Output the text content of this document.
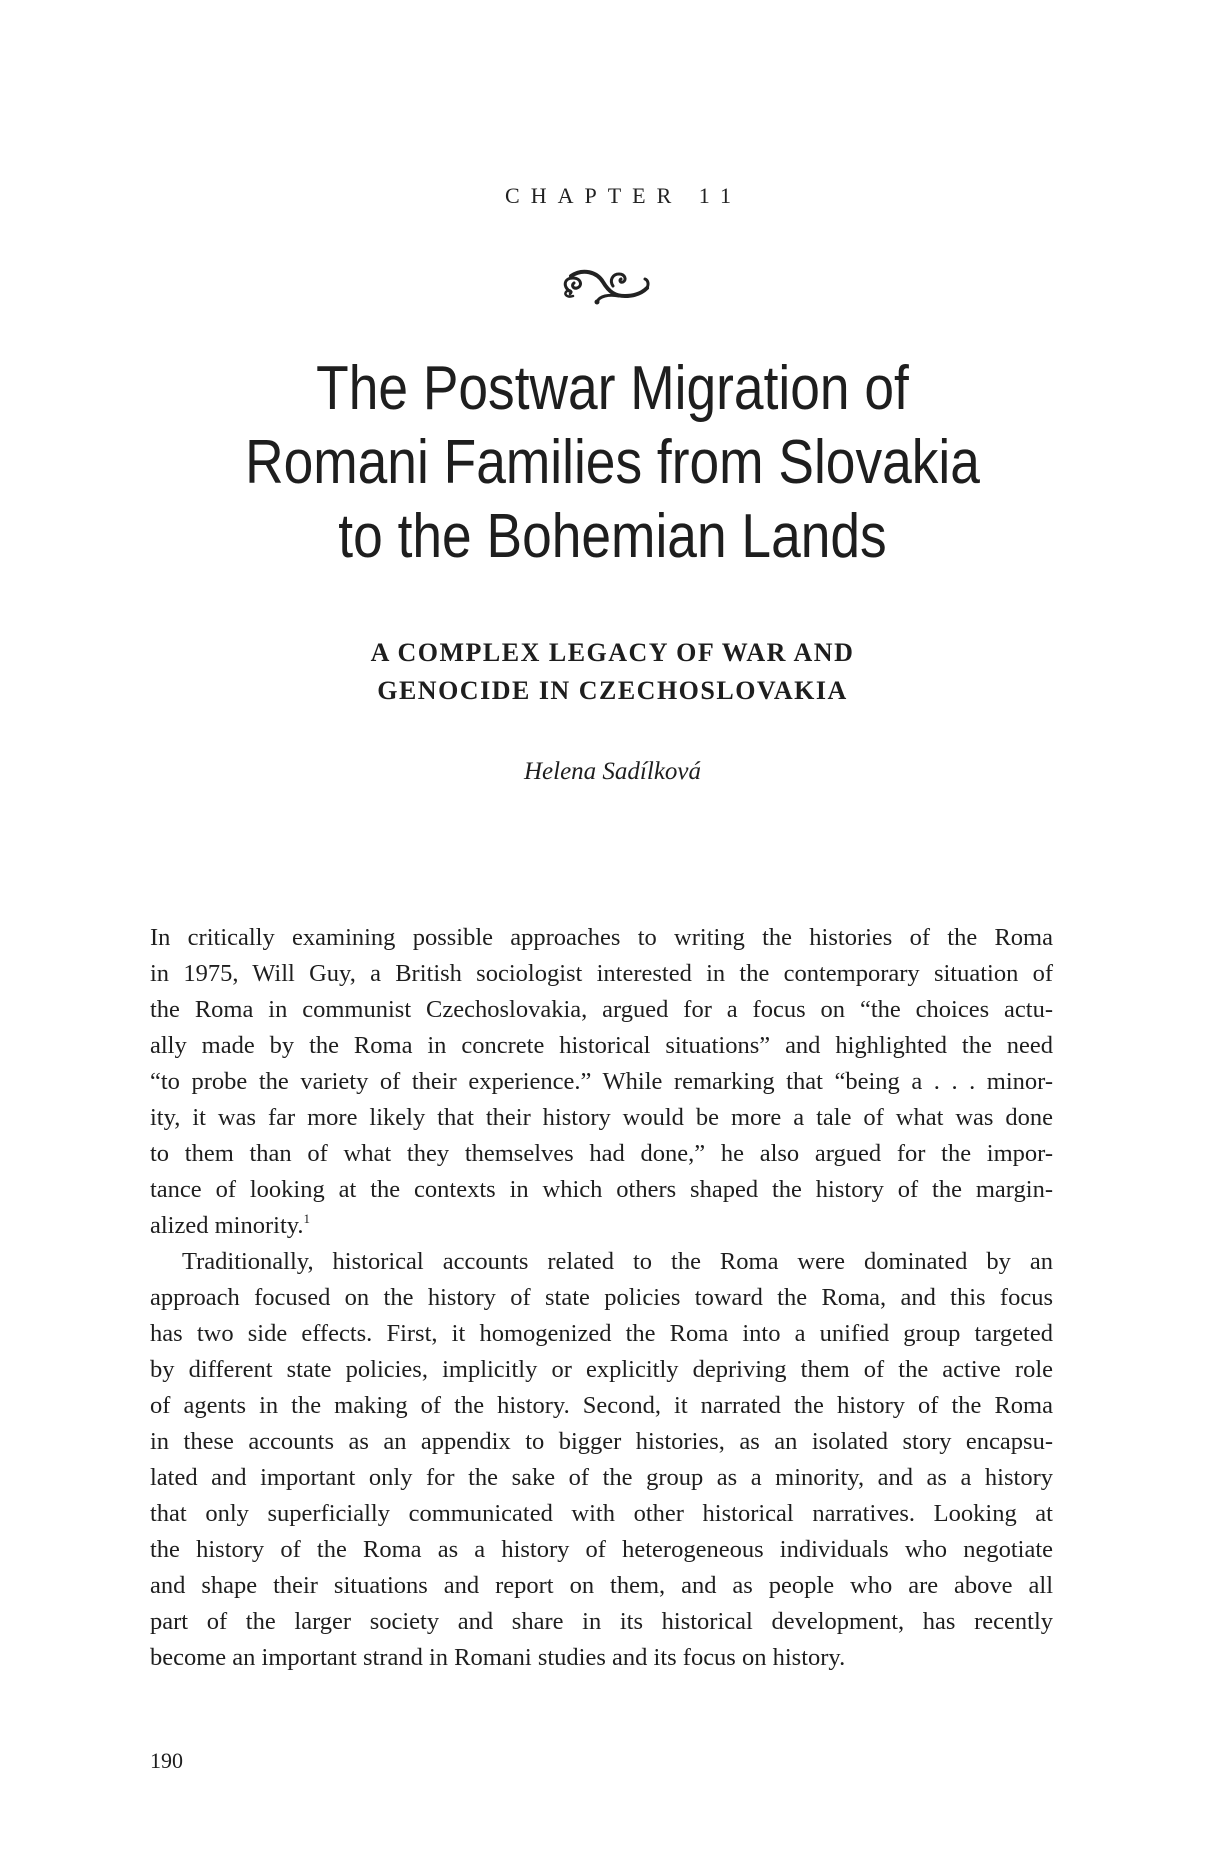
CHAPTER 11
The Postwar Migration of
Romani Families from Slovakia
to the Bohemian Lands
A COMPLEX LEGACY OF WAR AND
GENOCIDE IN CZECHOSLOVAKIA
Helena Sadílková
In critically examining possible approaches to writing the histories of the Roma
in 1975, Will Guy, a British sociologist interested in the contemporary situation of
the Roma in communist Czechoslovakia, argued for a focus on “the choices actu-
ally made by the Roma in concrete historical situations” and highlighted the need
“to probe the variety of their experience.” While remarking that “being a . . . minor-
ity, it was far more likely that their history would be more a tale of what was done
to them than of what they themselves had done,” he also argued for the impor-
tance of looking at the contexts in which others shaped the history of the margin-
alized minority.$^1$
Traditionally, historical accounts related to the Roma were dominated by an
approach focused on the history of state policies toward the Roma, and this focus
has two side effects. First, it homogenized the Roma into a unified group targeted
by different state policies, implicitly or explicitly depriving them of the active role
of agents in the making of the history. Second, it narrated the history of the Roma
in these accounts as an appendix to bigger histories, as an isolated story encapsu-
lated and important only for the sake of the group as a minority, and as a history
that only superficially communicated with other historical narratives. Looking at
the history of the Roma as a history of heterogeneous individuals who negotiate
and shape their situations and report on them, and as people who are above all
part of the larger society and share in its historical development, has recently
become an important strand in Romani studies and its focus on history.
190
